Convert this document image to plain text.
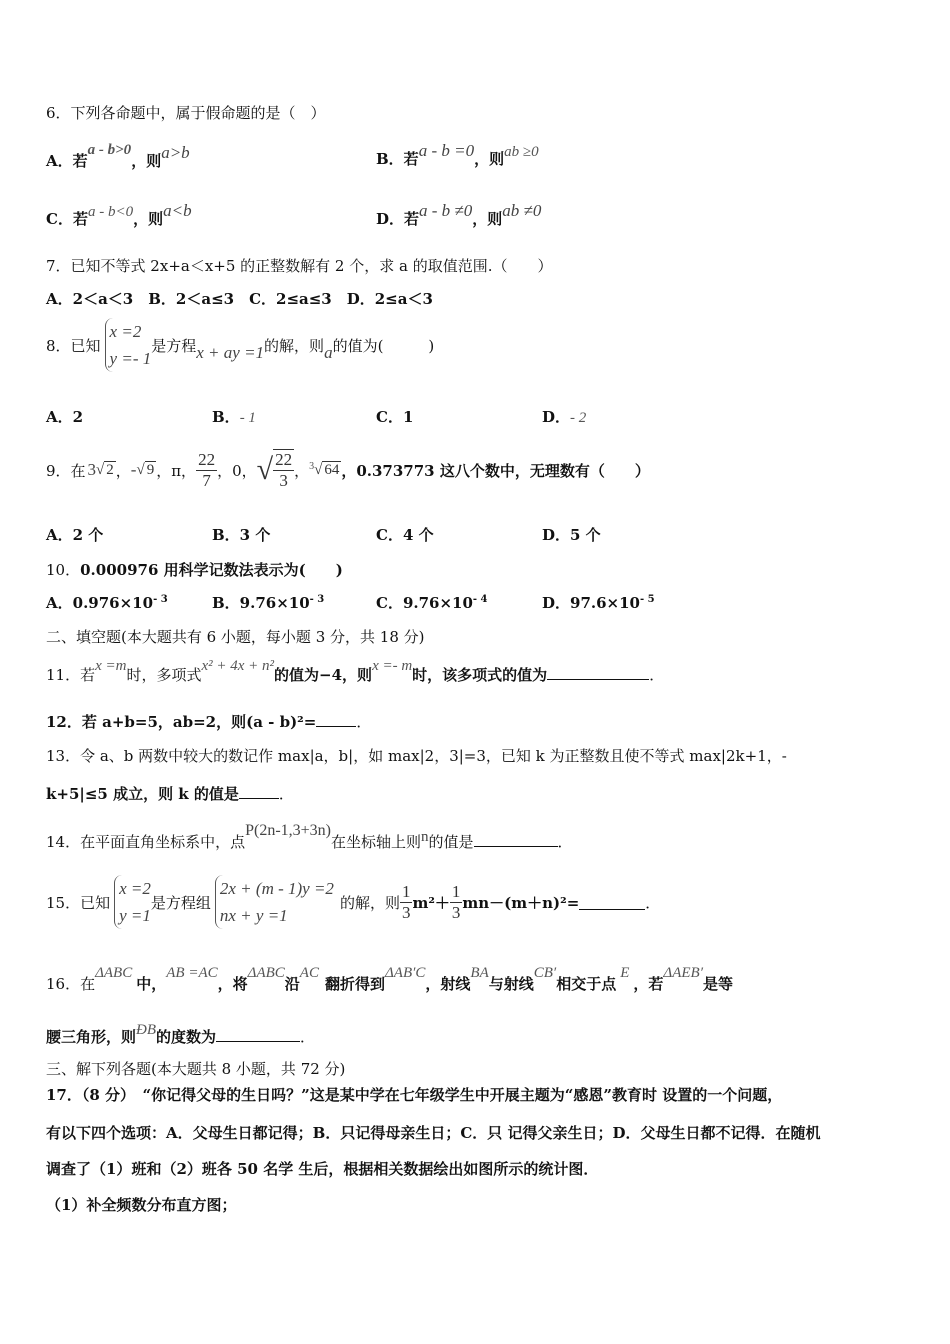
6．下列各命题中，属于假命题的是（　）
A．若$^{a - b>0}$，则a>b	B．若a - b =0，则ab ≥0
C．若a - b<0，则a<b	D．若a - b ≠0，则ab ≠0
7．已知不等式 2x+a＜x+5 的正整数解有 2 个，求 a 的取值范围.（　　）
A．2＜a＜3　B．2＜a≤3　C．2≤a≤3　D．2≤a＜3
8．已知
x =2
y =- 1
是方程 x + ay =1 的解，则 a 的值为(　　　)
A．2	B．- 1	C．1	D．- 2
9．在 3 √ 2 ， - √ 9 ，π， $\frac{22}{7}$ ，0， √ $\frac{22}{3}$ ，$^3$ √ 64 ，0.373773 这八个数中，无理数有（　　）
A．2 个	B．3 个	C．4 个	D．5 个
10．0.000976 用科学记数法表示为(　　)
A．$0.976\times 10^{- 3}$	B．$9.76\times 10^{- 3}$	C．$9.76\times 10^{- 4}$	D．$97.6\times 10^{- 5}$
二、填空题(本大题共有 6 小题，每小题 3 分，共 18 分)
11．若x =m时，多项式x² + 4x + n²的值为−4，则x =- m时，该多项式的值为	．
12．若 a+b=5，ab=2，则(a - b)²=	．
13．令 a、b 两数中较大的数记作 max|a，b|，如 max|2，3|=3，已知 k 为正整数且使不等式 max|2k+1，-
k+5|≤5 成立，则 k 的值是	．
14．在平面直角坐标系中，点P(2n-1,3+3n)在坐标轴上则n的值是	．
15．已知
x =2
y =1
是方程组
2x + (m - 1)y =2
nx + y =1
的解，则 $\frac{1}{3} m^2+ \frac{1}{3} mn-(m+n)^2=$	．
16．在ΔABC中，AB =AC，将ΔABC沿AC翻折得到ΔAB′C，射线BA与射线CB′相交于点E，若ΔAEB′是等
腰三角形，则ÐB的度数为	．
三、解下列各题(本大题共 8 小题，共 72 分)
17．（8 分）　“你记得父母的生日吗？”这是某中学在七年级学生中开展主题为“感恩”教育时 设置的一个问题，
有以下四个选项：A．父母生日都记得；B．只记得母亲生日；C．只 记得父亲生日；D．父母生日都不记得．在随机
调查了（1）班和（2）班各 50 名学 生后，根据相关数据绘出如图所示的统计图．
（1）补全频数分布直方图；
